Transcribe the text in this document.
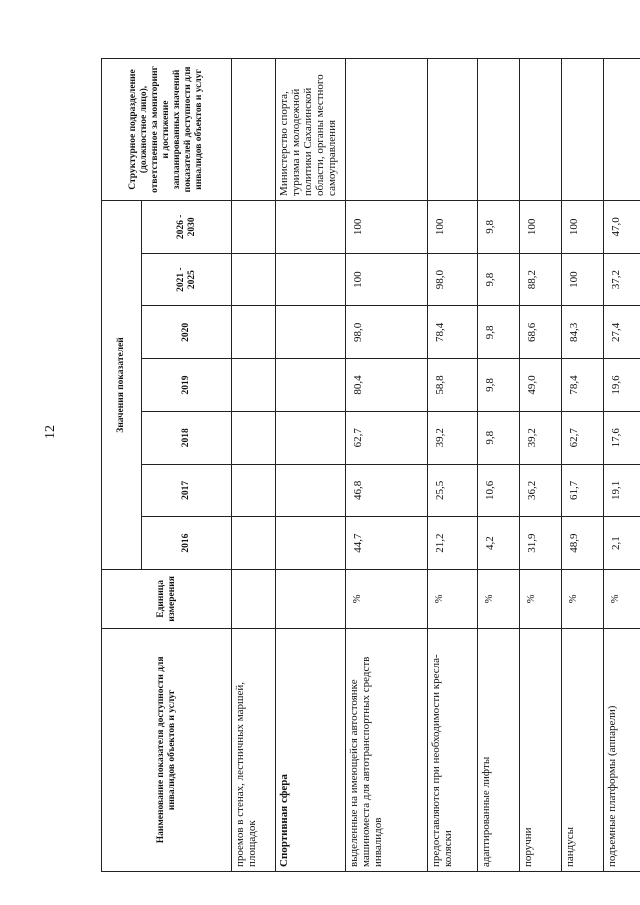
12
Наименование показателя доступности для инвалидов объектов и услуг	Единица измерения	Значения показателей							Структурное подразделение (должностное лицо), ответственное за мониторинг и достижение запланированных значений показателей доступности для инвалидов объектов и услуг
		2016	2017	2018	2019	2020	2021 - 2025	2026 - 2030	
проемов в стенах, лестничных маршей, площадок									
Спортивная сфера									Министерство спорта, туризма и молодежной политики Сахалинской области, органы местного самоуправления
выделенные на имеющейся автостоянке машиноместа для автотранспортных средств инвалидов	%	44,7	46,8	62,7	80,4	98,0	100	100	
предоставляются при необходимости кресла-коляски	%	21,2	25,5	39,2	58,8	78,4	98,0	100	
адаптированные лифты	%	4,2	10,6	9,8	9,8	9,8	9,8	9,8	
поручни	%	31,9	36,2	39,2	49,0	68,6	88,2	100	
пандусы	%	48,9	61,7	62,7	78,4	84,3	100	100	
подъемные платформы (аппарели)	%	2,1	19,1	17,6	19,6	27,4	37,2	47,0	
